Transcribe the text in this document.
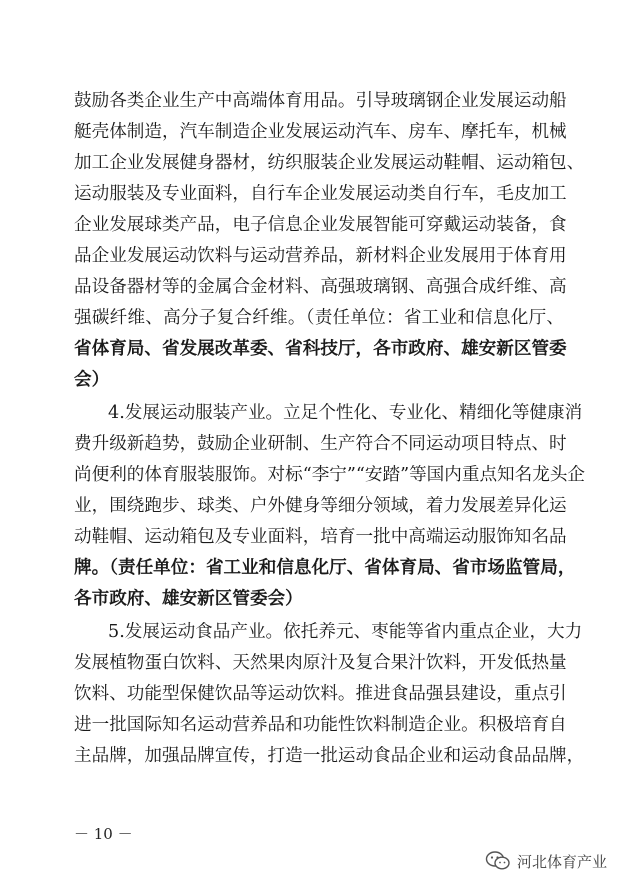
鼓励各类企业生产中高端体育用品。引导玻璃钢企业发展运动船
艇壳体制造，汽车制造企业发展运动汽车、房车、摩托车，机械
加工企业发展健身器材，纺织服装企业发展运动鞋帽、运动箱包、
运动服装及专业面料，自行车企业发展运动类自行车，毛皮加工
企业发展球类产品，电子信息企业发展智能可穿戴运动装备，食
品企业发展运动饮料与运动营养品，新材料企业发展用于体育用
品设备器材等的金属合金材料、高强玻璃钢、高强合成纤维、高
强碳纤维、高分子复合纤维。（责任单位：省工业和信息化厅、
省体育局、省发展改革委、省科技厅，各市政府、雄安新区管委
会）
4.发展运动服装产业。立足个性化、专业化、精细化等健康消
费升级新趋势，鼓励企业研制、生产符合不同运动项目特点、时
尚便利的体育服装服饰。对标“李宁”“安踏”等国内重点知名龙头企
业，围绕跑步、球类、户外健身等细分领域，着力发展差异化运
动鞋帽、运动箱包及专业面料，培育一批中高端运动服饰知名品
牌。（责任单位：省工业和信息化厅、省体育局、省市场监管局，
各市政府、雄安新区管委会）
5.发展运动食品产业。依托养元、枣能等省内重点企业，大力
发展植物蛋白饮料、天然果肉原汁及复合果汁饮料，开发低热量
饮料、功能型保健饮品等运动饮料。推进食品强县建设，重点引
进一批国际知名运动营养品和功能性饮料制造企业。积极培育自
主品牌，加强品牌宣传，打造一批运动食品企业和运动食品品牌，
－ 10 －
河北体育产业
